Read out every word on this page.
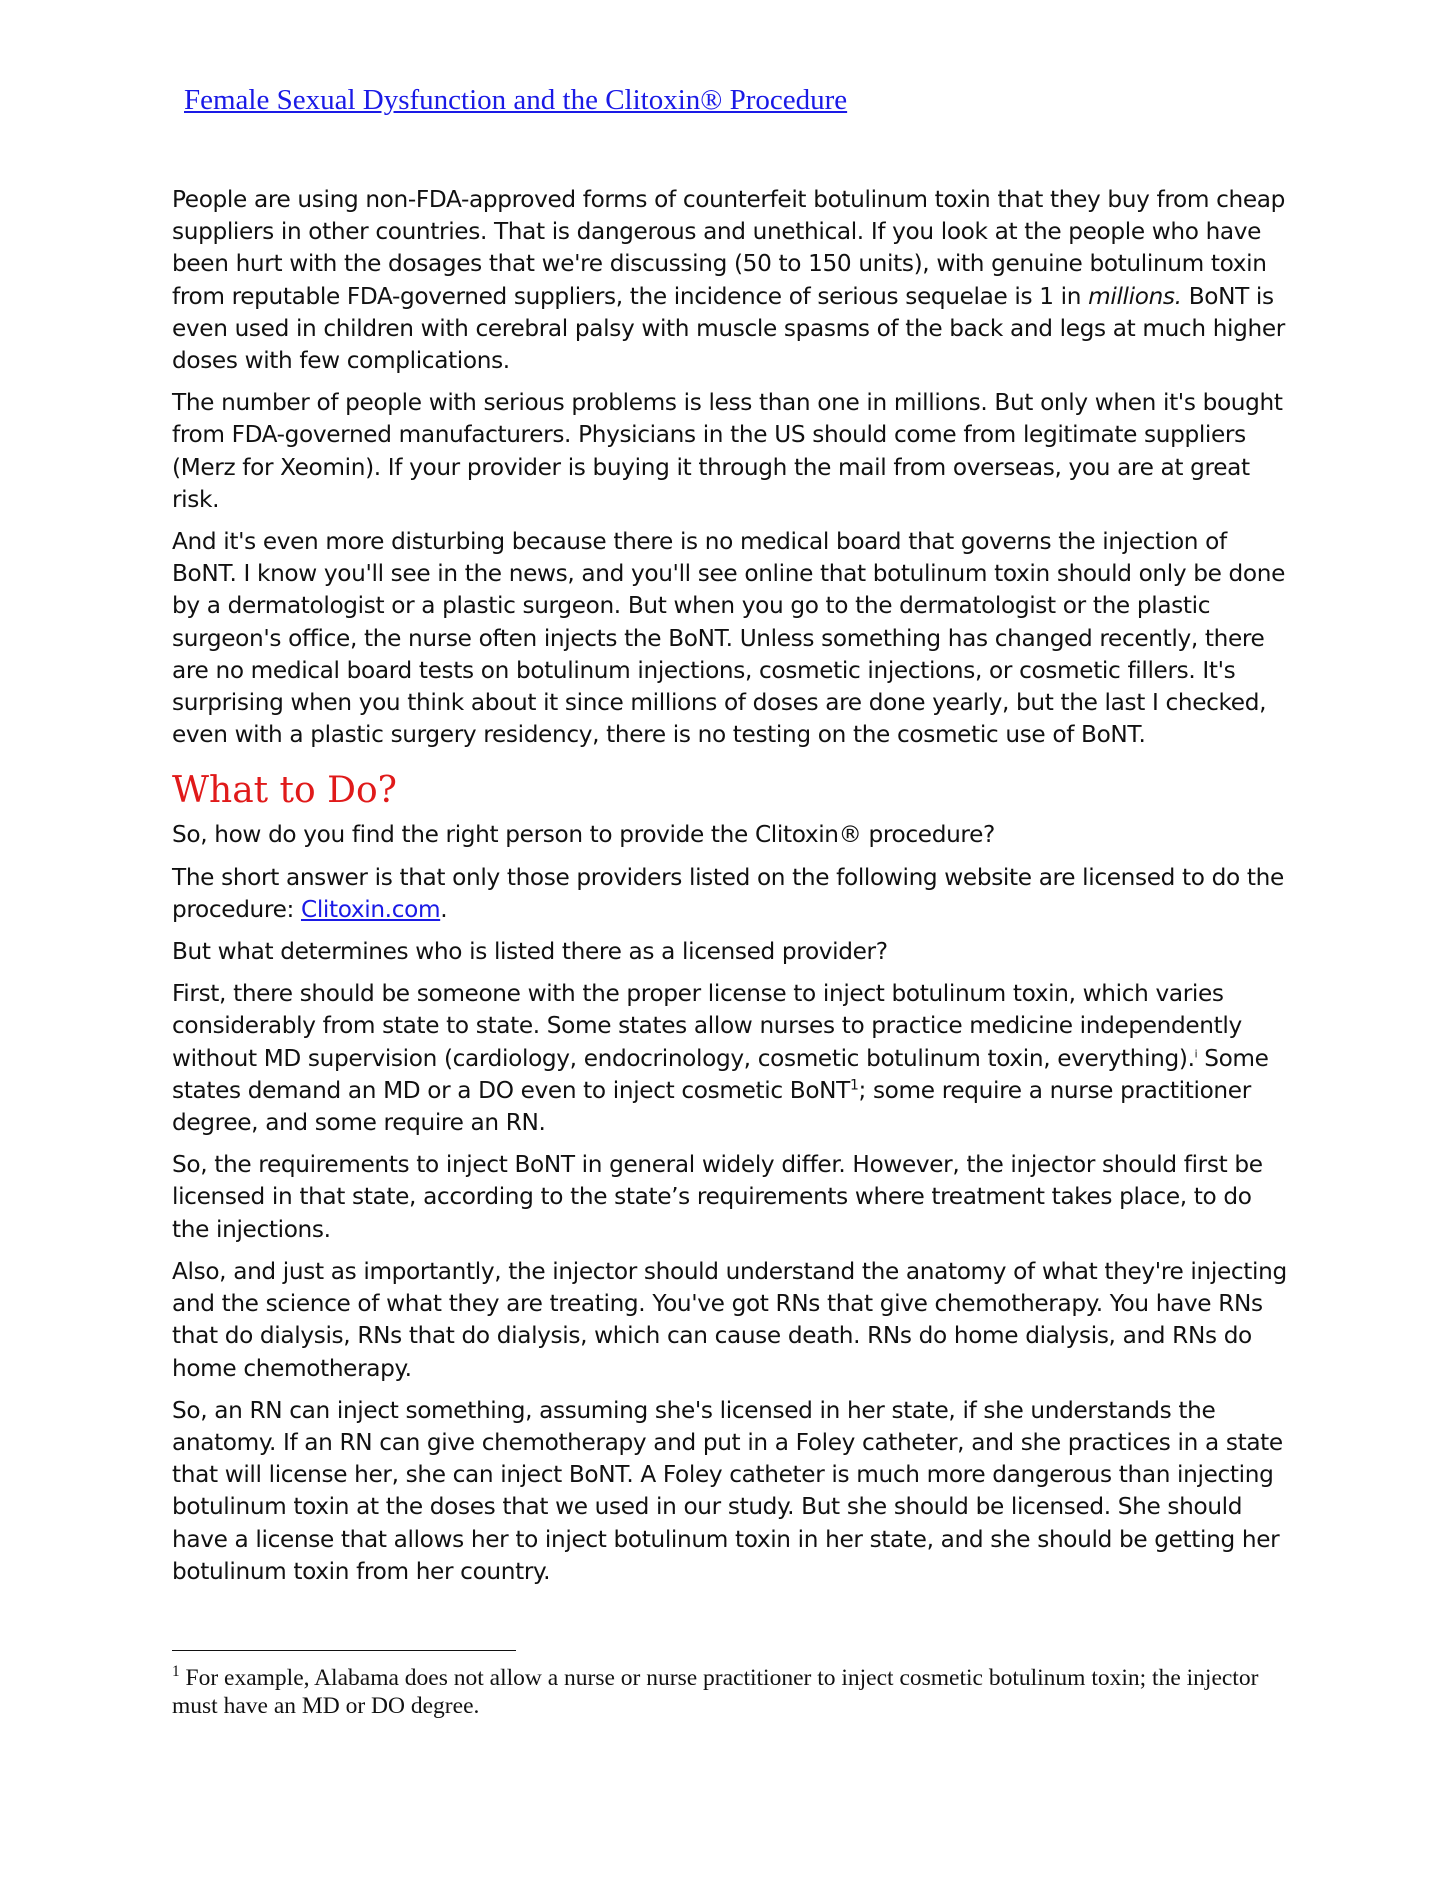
Female Sexual Dysfunction and the Clitoxin® Procedure

People are using non-FDA-approved forms of counterfeit botulinum toxin that they buy from cheap suppliers in other countries. That is dangerous and unethical. If you look at the people who have been hurt with the dosages that we're discussing (50 to 150 units), with genuine botulinum toxin from reputable FDA-governed suppliers, the incidence of serious sequelae is 1 in millions. BoNT is even used in children with cerebral palsy with muscle spasms of the back and legs at much higher doses with few complications.

The number of people with serious problems is less than one in millions. But only when it's bought from FDA-governed manufacturers. Physicians in the US should come from legitimate suppliers (Merz for Xeomin). If your provider is buying it through the mail from overseas, you are at great risk.

And it's even more disturbing because there is no medical board that governs the injection of BoNT. I know you'll see in the news, and you'll see online that botulinum toxin should only be done by a dermatologist or a plastic surgeon. But when you go to the dermatologist or the plastic surgeon's office, the nurse often injects the BoNT. Unless something has changed recently, there are no medical board tests on botulinum injections, cosmetic injections, or cosmetic fillers. It's surprising when you think about it since millions of doses are done yearly, but the last I checked, even with a plastic surgery residency, there is no testing on the cosmetic use of BoNT.

What to Do?

So, how do you find the right person to provide the Clitoxin® procedure?

The short answer is that only those providers listed on the following website are licensed to do the procedure: Clitoxin.com.

But what determines who is listed there as a licensed provider?

First, there should be someone with the proper license to inject botulinum toxin, which varies considerably from state to state. Some states allow nurses to practice medicine independently without MD supervision (cardiology, endocrinology, cosmetic botulinum toxin, everything).$^i$ Some states demand an MD or a DO even to inject cosmetic BoNT$^1$; some require a nurse practitioner degree, and some require an RN.

So, the requirements to inject BoNT in general widely differ. However, the injector should first be licensed in that state, according to the state’s requirements where treatment takes place, to do the injections.

Also, and just as importantly, the injector should understand the anatomy of what they're injecting and the science of what they are treating. You've got RNs that give chemotherapy. You have RNs that do dialysis, RNs that do dialysis, which can cause death. RNs do home dialysis, and RNs do home chemotherapy.

So, an RN can inject something, assuming she's licensed in her state, if she understands the anatomy. If an RN can give chemotherapy and put in a Foley catheter, and she practices in a state that will license her, she can inject BoNT. A Foley catheter is much more dangerous than injecting botulinum toxin at the doses that we used in our study. But she should be licensed. She should have a license that allows her to inject botulinum toxin in her state, and she should be getting her botulinum toxin from her country.

$^1$ For example, Alabama does not allow a nurse or nurse practitioner to inject cosmetic botulinum toxin; the injector must have an MD or DO degree.
